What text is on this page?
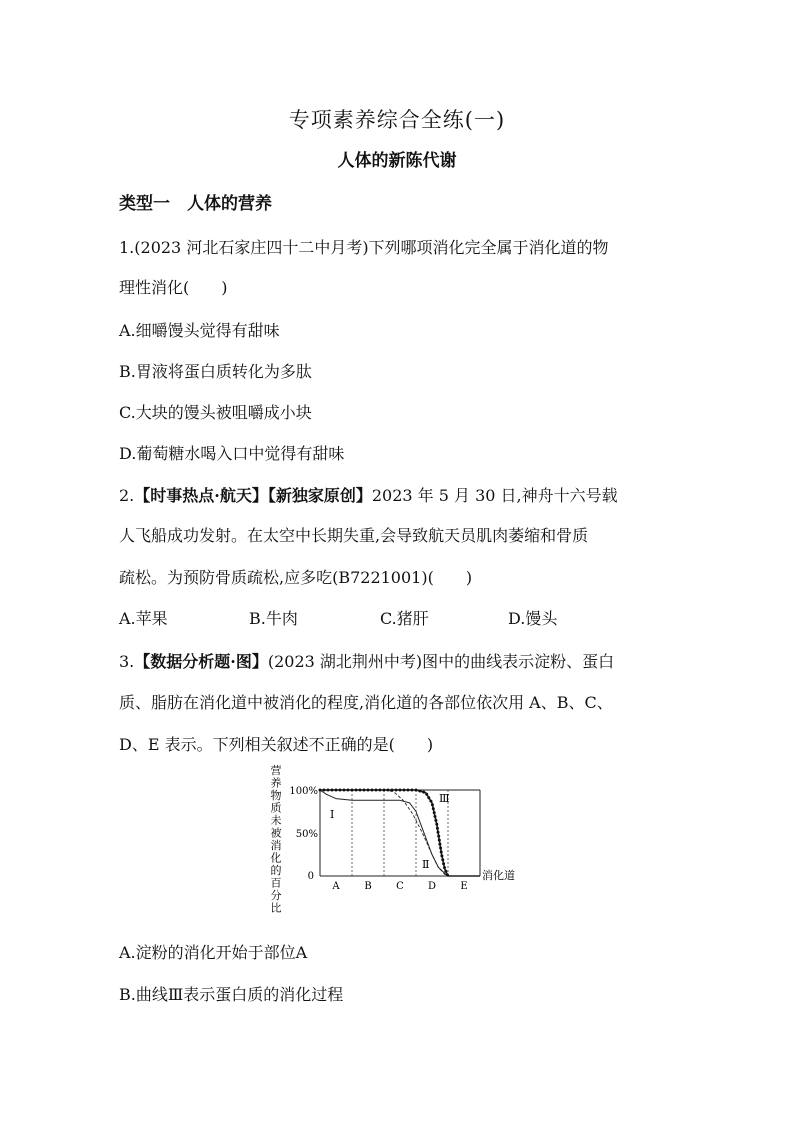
专项素养综合全练(一)
人体的新陈代谢
类型一　人体的营养
1.(2023 河北石家庄四十二中月考)下列哪项消化完全属于消化道的物
理性消化(　　)
A.细嚼馒头觉得有甜味
B.胃液将蛋白质转化为多肽
C.大块的馒头被咀嚼成小块
D.葡萄糖水喝入口中觉得有甜味
2.【时事热点·航天】【新独家原创】2023 年 5 月 30 日,神舟十六号载
人飞船成功发射。在太空中长期失重,会导致航天员肌肉萎缩和骨质
疏松。为预防骨质疏松,应多吃(B7221001)(　　)
A.苹果	B.牛肉	C.猪肝	D.馒头
3.【数据分析题·图】(2023 湖北荆州中考)图中的曲线表示淀粉、蛋白
质、脂肪在消化道中被消化的程度,消化道的各部位依次用 A、B、C、
D、E 表示。下列相关叙述不正确的是(　　)
营
养
物
质
未
被
消
化
的
百
分
比
100%
50%
0	消化道
A B C D E
Ⅰ
Ⅱ
Ⅲ
A.淀粉的消化开始于部位A
B.曲线Ⅲ表示蛋白质的消化过程
